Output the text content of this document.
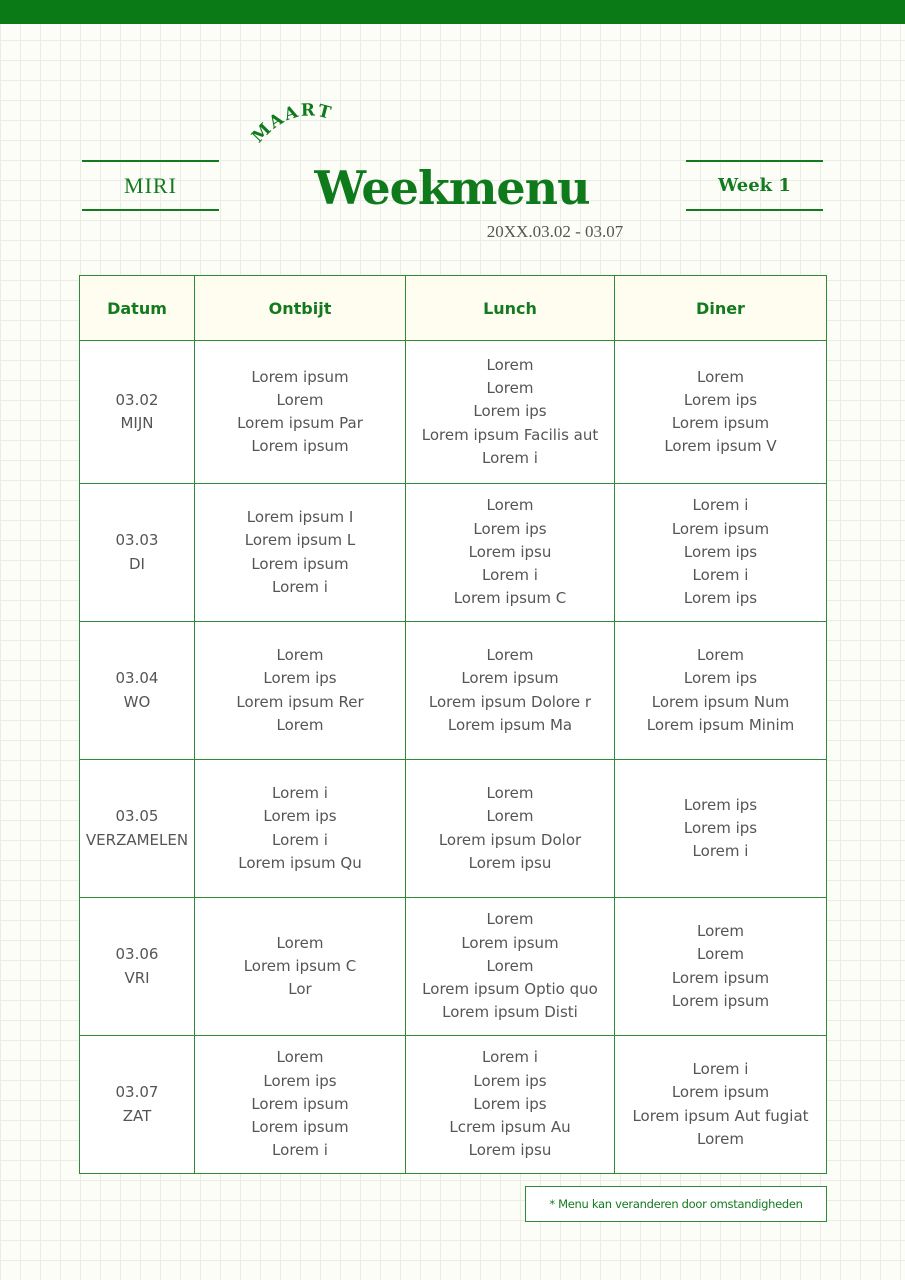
MIRI
MAART
Weekmenu
20XX.03.02 - 03.07
Week 1
Datum	Ontbijt	Lunch	Diner

03.02
MIJN	Lorem ipsum
Lorem
Lorem ipsum Par
Lorem ipsum	Lorem
Lorem
Lorem ips
Lorem ipsum Facilis aut
Lorem i	Lorem
Lorem ips
Lorem ipsum
Lorem ipsum V

03.03
DI	Lorem ipsum I
Lorem ipsum L
Lorem ipsum
Lorem i	Lorem
Lorem ips
Lorem ipsu
Lorem i
Lorem ipsum C	Lorem i
Lorem ipsum
Lorem ips
Lorem i
Lorem ips

03.04
WO	Lorem
Lorem ips
Lorem ipsum Rer
Lorem	Lorem
Lorem ipsum
Lorem ipsum Dolore r
Lorem ipsum Ma	Lorem
Lorem ips
Lorem ipsum Num
Lorem ipsum Minim

03.05
VERZAMELEN	Lorem i
Lorem ips
Lorem i
Lorem ipsum Qu	Lorem
Lorem
Lorem ipsum Dolor
Lorem ipsu	Lorem ips
Lorem ips
Lorem i

03.06
VRI	Lorem
Lorem ipsum C
Lor	Lorem
Lorem ipsum
Lorem
Lorem ipsum Optio quo
Lorem ipsum Disti	Lorem
Lorem
Lorem ipsum
Lorem ipsum

03.07
ZAT	Lorem
Lorem ips
Lorem ipsum
Lorem ipsum
Lorem i	Lorem i
Lorem ips
Lorem ips
Lcrem ipsum Au
Lorem ipsu	Lorem i
Lorem ipsum
Lorem ipsum Aut fugiat
Lorem
* Menu kan veranderen door omstandigheden
